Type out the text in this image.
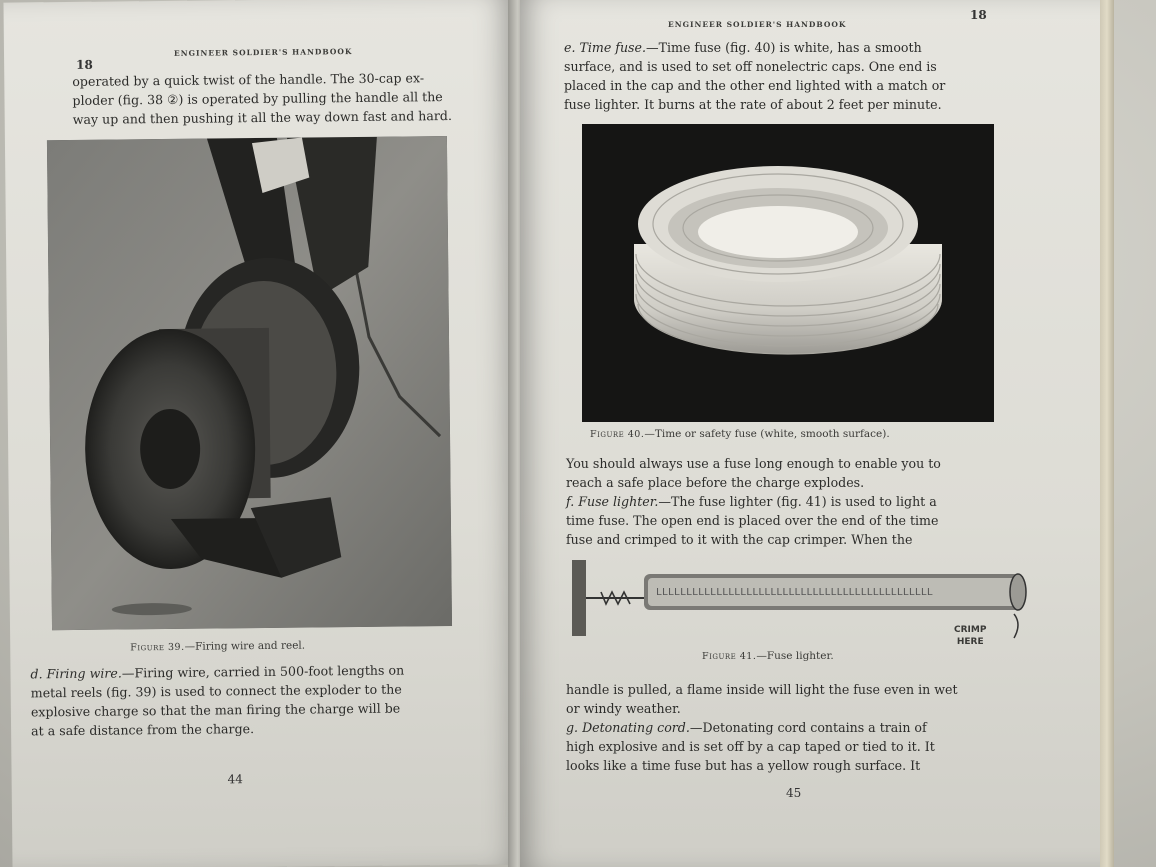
18
ENGINEER SOLDIER'S HANDBOOK

operated by a quick twist of the handle. The 30-cap ex-

ploder (fig. 38 ②) is operated by pulling the handle all the

way up and then pushing it all the way down fast and hard.

Figure 39.—Firing wire and reel.

d. Firing wire.—Firing wire, carried in 500-foot lengths on

metal reels (fig. 39) is used to connect the exploder to the

explosive charge so that the man firing the charge will be

at a safe distance from the charge.

44
ENGINEER SOLDIER'S HANDBOOK
18

e. Time fuse.—Time fuse (fig. 40) is white, has a smooth

surface, and is used to set off nonelectric caps. One end is

placed in the cap and the other end lighted with a match or

fuse lighter. It burns at the rate of about 2 feet per minute.

Figure 40.—Time or safety fuse (white, smooth surface).

You should always use a fuse long enough to enable you to

reach a safe place before the charge explodes.

f. Fuse lighter.—The fuse lighter (fig. 41) is used to light a

time fuse. The open end is placed over the end of the time

fuse and crimped to it with the cap crimper. When the

LLLLLLLLLLLLLLLLLLLLLLLLLLLLLLLLLLLLLLLLLLLLLL
CRIMP
HERE
Figure 41.—Fuse lighter.

handle is pulled, a flame inside will light the fuse even in wet

or windy weather.

g. Detonating cord.—Detonating cord contains a train of

high explosive and is set off by a cap taped or tied to it. It

looks like a time fuse but has a yellow rough surface. It

45
